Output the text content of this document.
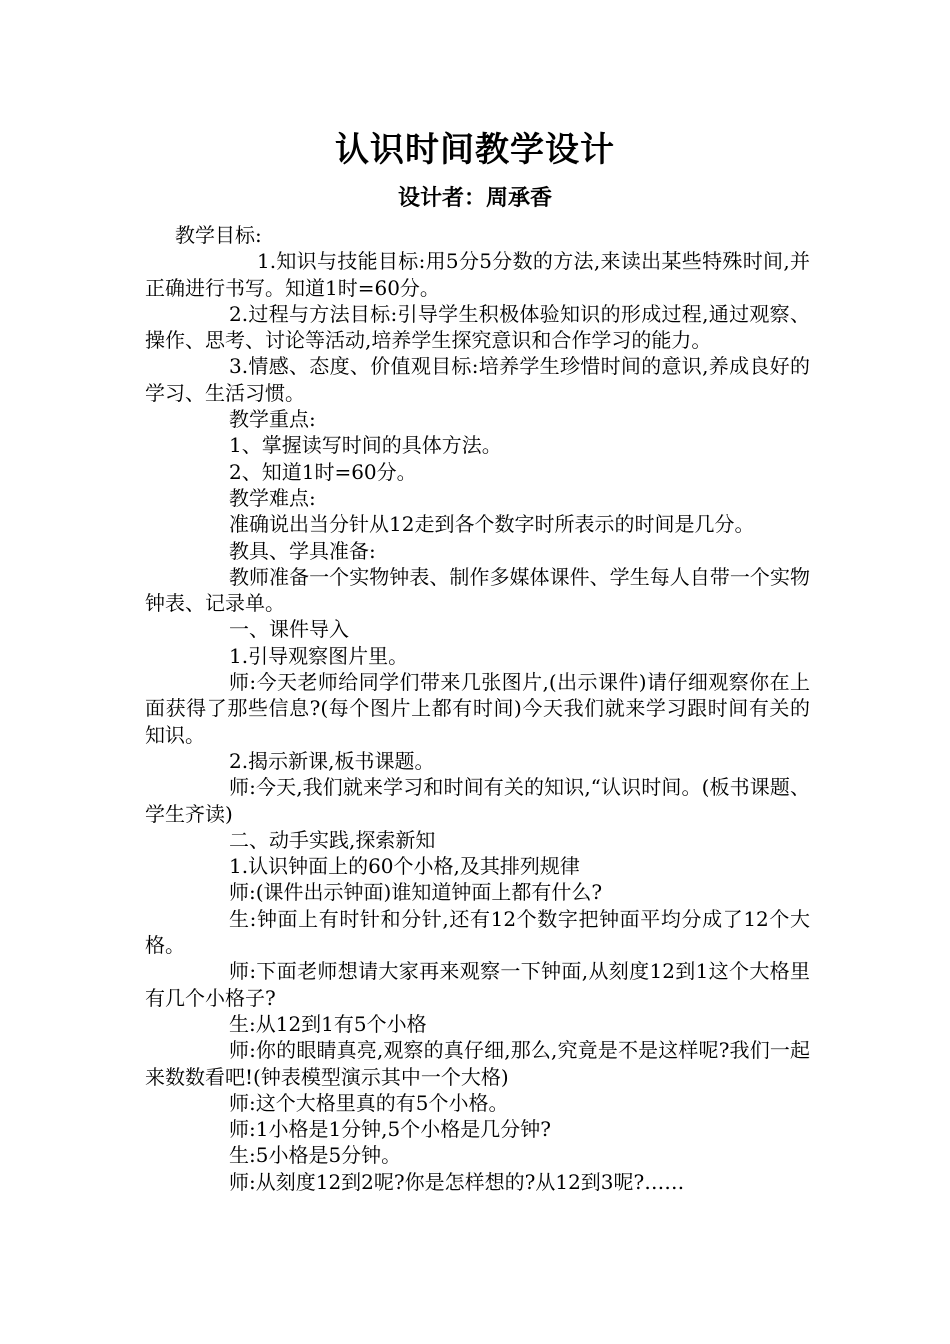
认识时间教学设计
设计者：周承香

教学目标:

1.知识与技能目标:用5分5分数的方法,来读出某些特殊时间,并正确进行书写。知道1时=60分。

2.过程与方法目标:引导学生积极体验知识的形成过程,通过观察、操作、思考、讨论等活动,培养学生探究意识和合作学习的能力。

3.情感、态度、价值观目标:培养学生珍惜时间的意识,养成良好的学习、生活习惯。

教学重点:

1、掌握读写时间的具体方法。

2、知道1时=60分。

教学难点:

准确说出当分针从12走到各个数字时所表示的时间是几分。

教具、学具准备:

教师准备一个实物钟表、制作多媒体课件、学生每人自带一个实物钟表、记录单。

一、课件导入

1.引导观察图片里。

师:今天老师给同学们带来几张图片,(出示课件)请仔细观察你在上面获得了那些信息?(每个图片上都有时间)今天我们就来学习跟时间有关的知识。

2.揭示新课,板书课题。

师:今天,我们就来学习和时间有关的知识,“认识时间。(板书课题、学生齐读)

二、动手实践,探索新知

1.认识钟面上的60个小格,及其排列规律

师:(课件出示钟面)谁知道钟面上都有什么?

生:钟面上有时针和分针,还有12个数字把钟面平均分成了12个大格。

师:下面老师想请大家再来观察一下钟面,从刻度12到1这个大格里有几个小格子?

生:从12到1有5个小格

师:你的眼睛真亮,观察的真仔细,那么,究竟是不是这样呢?我们一起来数数看吧!(钟表模型演示其中一个大格)

师:这个大格里真的有5个小格。

师:1小格是1分钟,5个小格是几分钟?

生:5小格是5分钟。

师:从刻度12到2呢?你是怎样想的?从12到3呢?……
